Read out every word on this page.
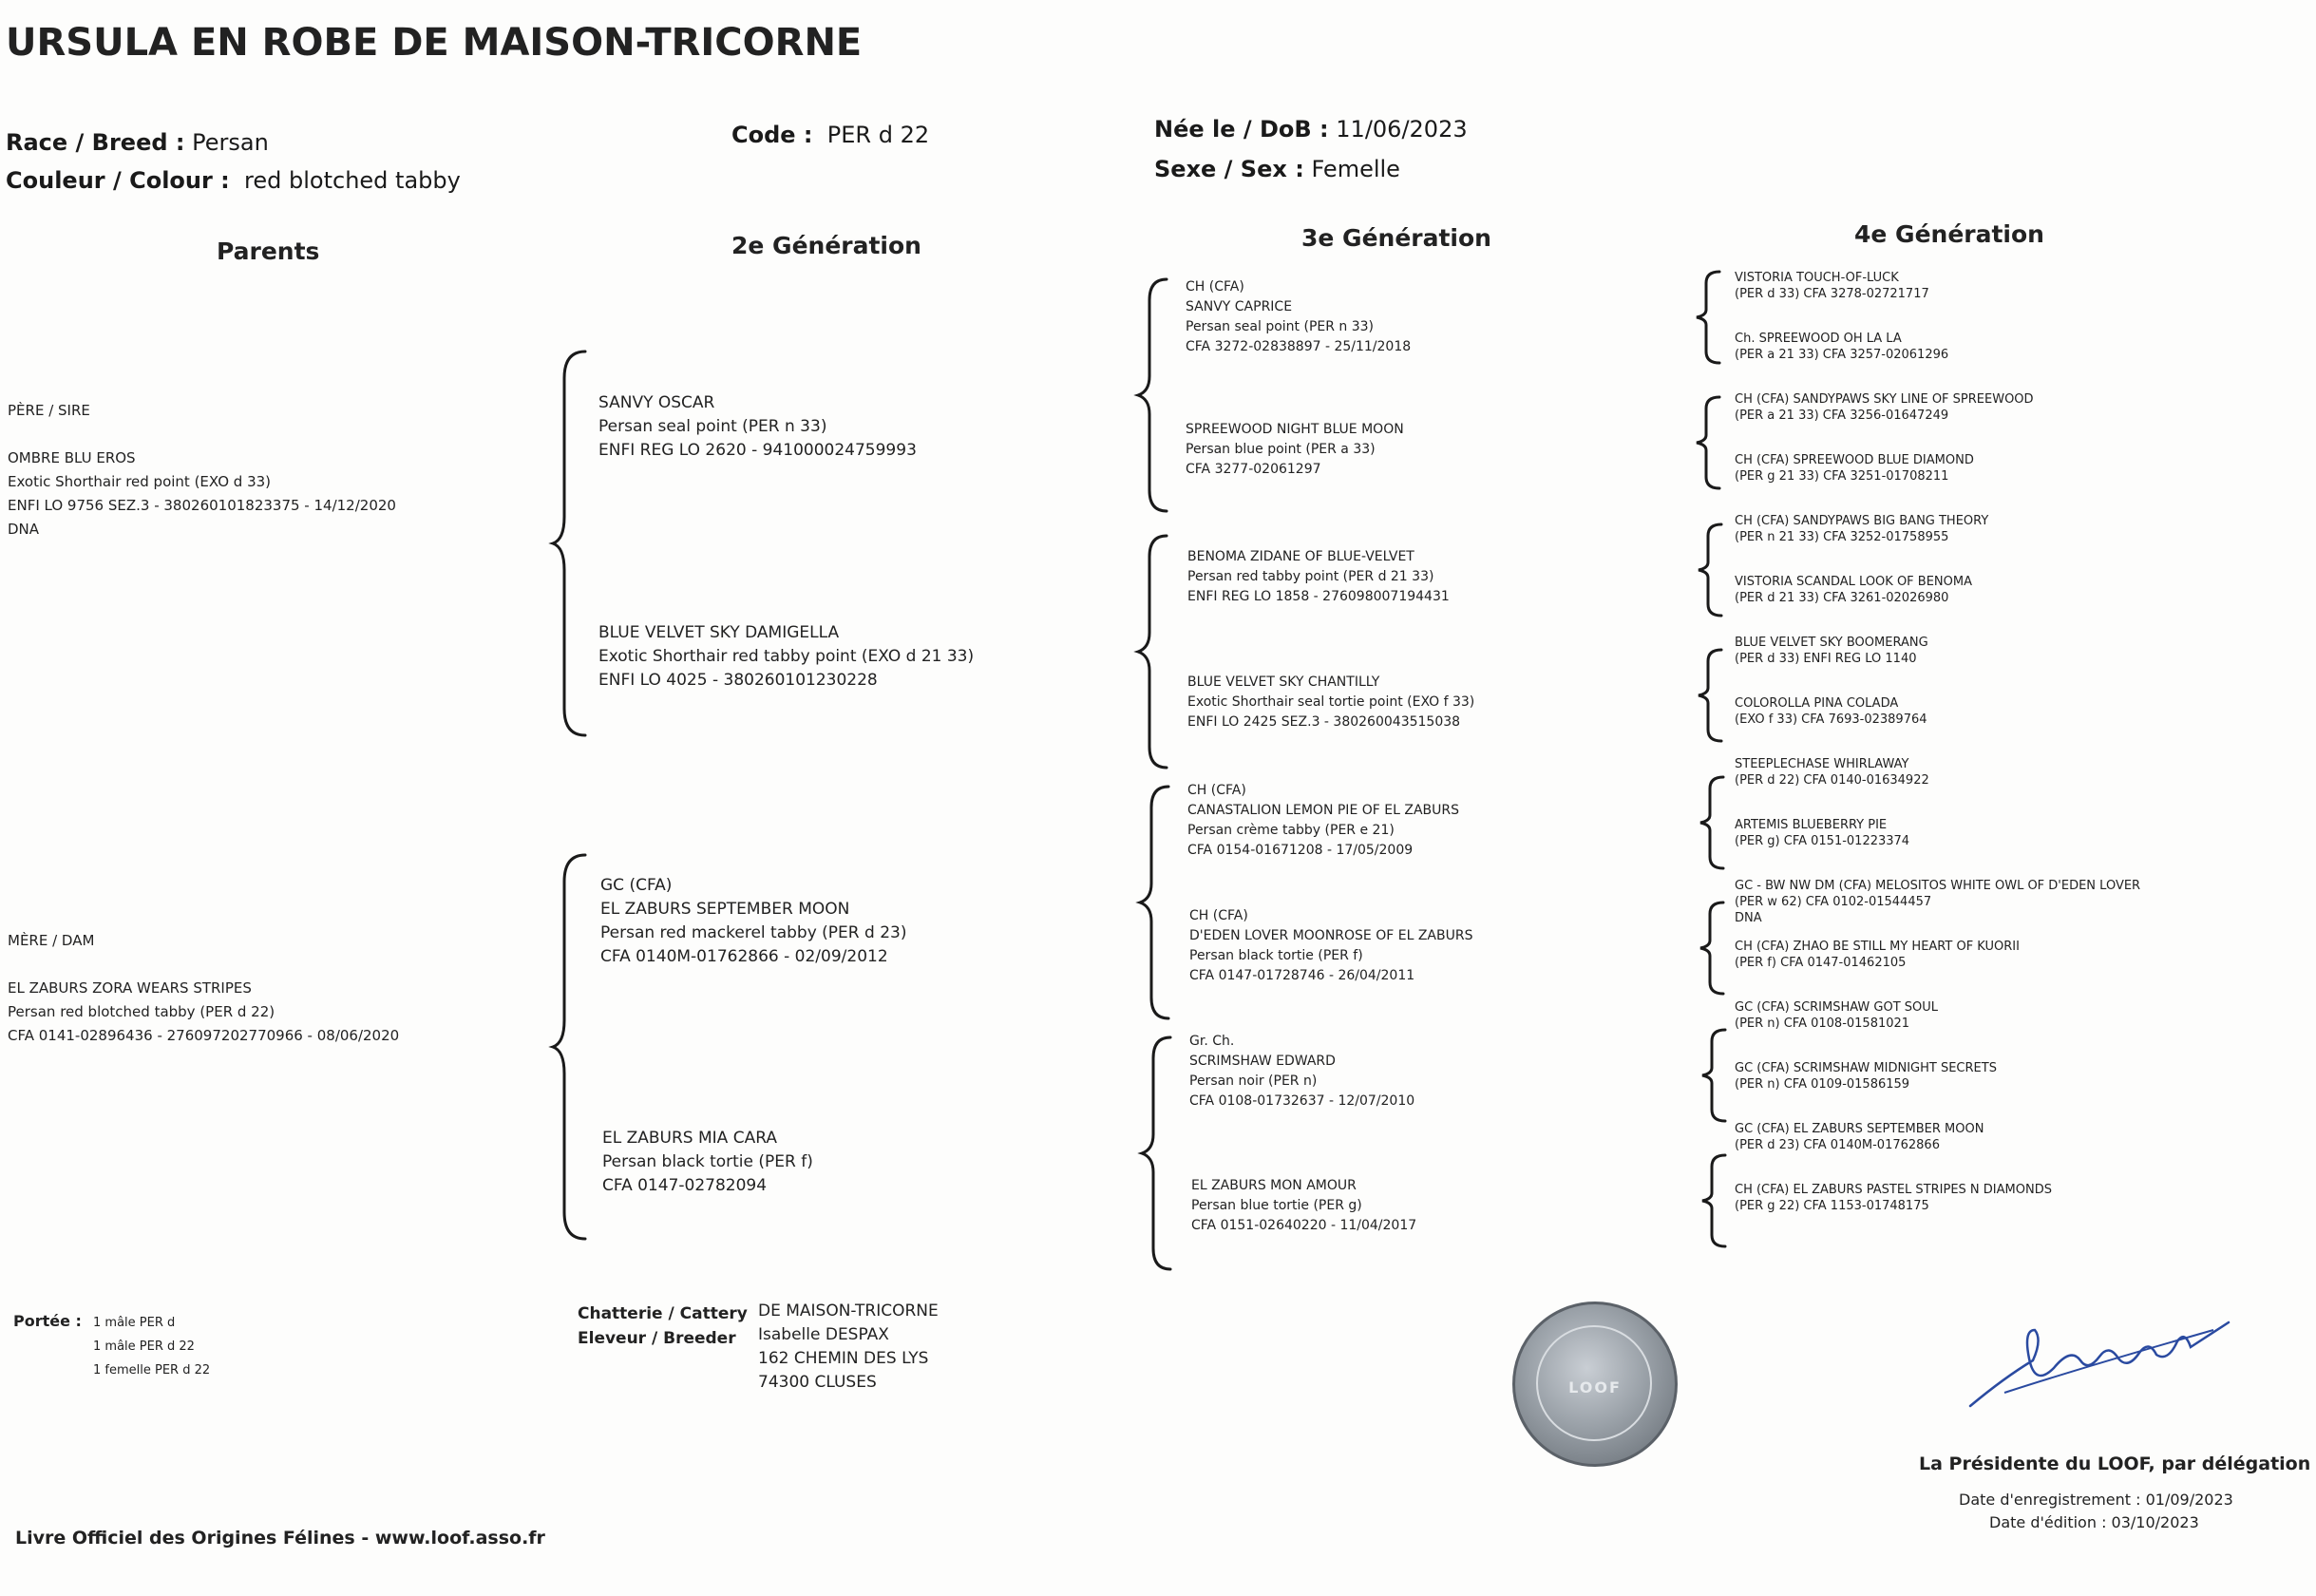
URSULA EN ROBE DE MAISON-TRICORNE
Race / Breed : Persan
Couleur / Colour : red blotched tabby
Code : PER d 22	Née le / DoB : 11/06/2023
Sexe / Sex : Femelle
Parents	2e Génération	3e Génération	4e Génération
PÈRE / SIRE

OMBRE BLU EROS
Exotic Shorthair red point (EXO d 33)
ENFI LO 9756 SEZ.3 - 380260101823375 - 14/12/2020
DNA
MÈRE / DAM

EL ZABURS ZORA WEARS STRIPES
Persan red blotched tabby (PER d 22)
CFA 0141-02896436 - 276097202770966 - 08/06/2020
SANVY OSCAR
Persan seal point (PER n 33)
ENFI REG LO 2620 - 941000024759993
BLUE VELVET SKY DAMIGELLA
Exotic Shorthair red tabby point (EXO d 21 33)
ENFI LO 4025 - 380260101230228
GC (CFA)
EL ZABURS SEPTEMBER MOON
Persan red mackerel tabby (PER d 23)
CFA 0140M-01762866 - 02/09/2012
EL ZABURS MIA CARA
Persan black tortie (PER f)
CFA 0147-02782094
CH (CFA)
SANVY CAPRICE
Persan seal point (PER n 33)
CFA 3272-02838897 - 25/11/2018
SPREEWOOD NIGHT BLUE MOON
Persan blue point (PER a 33)
CFA 3277-02061297
BENOMA ZIDANE OF BLUE-VELVET
Persan red tabby point (PER d 21 33)
ENFI REG LO 1858 - 276098007194431
BLUE VELVET SKY CHANTILLY
Exotic Shorthair seal tortie point (EXO f 33)
ENFI LO 2425 SEZ.3 - 380260043515038
CH (CFA)
CANASTALION LEMON PIE OF EL ZABURS
Persan crème tabby (PER e 21)
CFA 0154-01671208 - 17/05/2009
CH (CFA)
D'EDEN LOVER MOONROSE OF EL ZABURS
Persan black tortie (PER f)
CFA 0147-01728746 - 26/04/2011
Gr. Ch.
SCRIMSHAW EDWARD
Persan noir (PER n)
CFA 0108-01732637 - 12/07/2010
EL ZABURS MON AMOUR
Persan blue tortie (PER g)
CFA 0151-02640220 - 11/04/2017
VISTORIA TOUCH-OF-LUCK
(PER d 33) CFA 3278-02721717
Ch. SPREEWOOD OH LA LA
(PER a 21 33) CFA 3257-02061296
CH (CFA) SANDYPAWS SKY LINE OF SPREEWOOD
(PER a 21 33) CFA 3256-01647249
CH (CFA) SPREEWOOD BLUE DIAMOND
(PER g 21 33) CFA 3251-01708211
CH (CFA) SANDYPAWS BIG BANG THEORY
(PER n 21 33) CFA 3252-01758955
VISTORIA SCANDAL LOOK OF BENOMA
(PER d 21 33) CFA 3261-02026980
BLUE VELVET SKY BOOMERANG
(PER d 33) ENFI REG LO 1140
COLOROLLA PINA COLADA
(EXO f 33) CFA 7693-02389764
STEEPLECHASE WHIRLAWAY
(PER d 22) CFA 0140-01634922
ARTEMIS BLUEBERRY PIE
(PER g) CFA 0151-01223374
GC - BW NW DM (CFA) MELOSITOS WHITE OWL OF D'EDEN LOVER
(PER w 62) CFA 0102-01544457
DNA
CH (CFA) ZHAO BE STILL MY HEART OF KUORII
(PER f) CFA 0147-01462105
GC (CFA) SCRIMSHAW GOT SOUL
(PER n) CFA 0108-01581021
GC (CFA) SCRIMSHAW MIDNIGHT SECRETS
(PER n) CFA 0109-01586159
GC (CFA) EL ZABURS SEPTEMBER MOON
(PER d 23) CFA 0140M-01762866
CH (CFA) EL ZABURS PASTEL STRIPES N DIAMONDS
(PER g 22) CFA 1153-01748175
Portée : 1 mâle PER d
1 mâle PER d 22
1 femelle PER d 22
Chatterie / Cattery
Eleveur / Breeder
DE MAISON-TRICORNE
Isabelle DESPAX
162 CHEMIN DES LYS
74300 CLUSES	LOOF
La Présidente du LOOF, par délégation
Date d'enregistrement : 01/09/2023
Date d'édition : 03/10/2023
Livre Officiel des Origines Félines - www.loof.asso.fr
